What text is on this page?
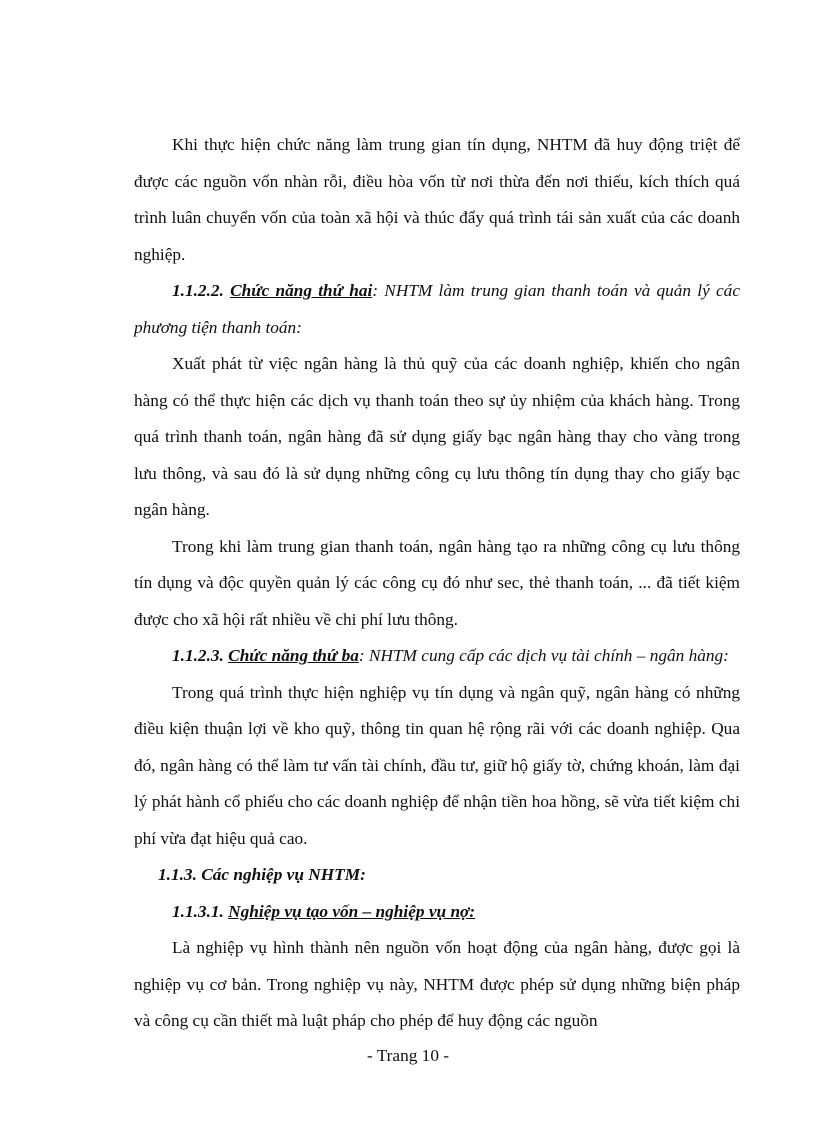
Khi thực hiện chức năng làm trung gian tín dụng, NHTM đã huy động triệt để được các nguồn vốn nhàn rỗi, điều hòa vốn từ nơi thừa đến nơi thiếu, kích thích quá trình luân chuyển vốn của toàn xã hội và thúc đẩy quá trình tái sản xuất của các doanh nghiệp.

1.1.2.2. Chức năng thứ hai: NHTM làm trung gian thanh toán và quản lý các phương tiện thanh toán:

Xuất phát từ việc ngân hàng là thủ quỹ của các doanh nghiệp, khiến cho ngân hàng có thể thực hiện các dịch vụ thanh toán theo sự ủy nhiệm của khách hàng. Trong quá trình thanh toán, ngân hàng đã sử dụng giấy bạc ngân hàng thay cho vàng trong lưu thông, và sau đó là sử dụng những công cụ lưu thông tín dụng thay cho giấy bạc ngân hàng.

Trong khi làm trung gian thanh toán, ngân hàng tạo ra những công cụ lưu thông tín dụng và độc quyền quản lý các công cụ đó như sec, thẻ thanh toán, ... đã tiết kiệm được cho xã hội rất nhiều về chi phí lưu thông.

1.1.2.3. Chức năng thứ ba: NHTM cung cấp các dịch vụ tài chính – ngân hàng:

Trong quá trình thực hiện nghiệp vụ tín dụng và ngân quỹ, ngân hàng có những điều kiện thuận lợi về kho quỹ, thông tin quan hệ rộng rãi với các doanh nghiệp. Qua đó, ngân hàng có thể làm tư vấn tài chính, đầu tư, giữ hộ giấy tờ, chứng khoán, làm đại lý phát hành cổ phiếu cho các doanh nghiệp để nhận tiền hoa hồng, sẽ vừa tiết kiệm chi phí vừa đạt hiệu quả cao.

1.1.3. Các nghiệp vụ NHTM:

1.1.3.1. Nghiệp vụ tạo vốn – nghiệp vụ nợ:

Là nghiệp vụ hình thành nên nguồn vốn hoạt động của ngân hàng, được gọi là nghiệp vụ cơ bản. Trong nghiệp vụ này, NHTM được phép sử dụng những biện pháp và công cụ cần thiết mà luật pháp cho phép để huy động các nguồn

- Trang 10 -
